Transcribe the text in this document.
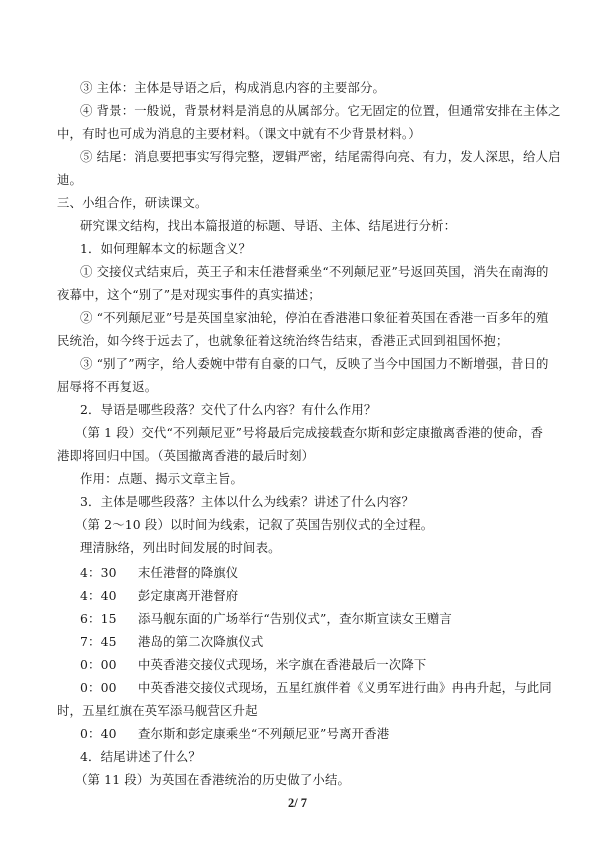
③ 主体：主体是导语之后，构成消息内容的主要部分。
④ 背景：一般说，背景材料是消息的从属部分。它无固定的位置，但通常安排在主体之
中，有时也可成为消息的主要材料。（课文中就有不少背景材料。）
⑤ 结尾：消息要把事实写得完整，逻辑严密，结尾需得向亮、有力，发人深思，给人启
迪。
三、小组合作，研读课文。
研究课文结构，找出本篇报道的标题、导语、主体、结尾进行分析：
1．如何理解本文的标题含义？
① 交接仪式结束后，英王子和末任港督乘坐“不列颠尼亚”号返回英国，消失在南海的
夜幕中，这个“别了”是对现实事件的真实描述；
② “不列颠尼亚”号是英国皇家油轮，停泊在香港港口象征着英国在香港一百多年的殖
民统治，如今终于远去了，也就象征着这统治终告结束，香港正式回到祖国怀抱；
③ “别了”两字，给人委婉中带有自豪的口气，反映了当今中国国力不断增强，昔日的
屈辱将不再复返。
2．导语是哪些段落？交代了什么内容？有什么作用？
（第 1 段）交代“不列颠尼亚”号将最后完成接载查尔斯和彭定康撤离香港的使命，香
港即将回归中国。（英国撤离香港的最后时刻）
作用：点题、揭示文章主旨。
3．主体是哪些段落？主体以什么为线索？讲述了什么内容？
（第 2～10 段）以时间为线索，记叙了英国告别仪式的全过程。
理清脉络，列出时间发展的时间表。
4：30 末任港督的降旗仪
4：40 彭定康离开港督府
6：15 添马舰东面的广场举行“告别仪式”，查尔斯宣读女王赠言
7：45 港岛的第二次降旗仪式
0：00 中英香港交接仪式现场，米字旗在香港最后一次降下
0：00 中英香港交接仪式现场，五星红旗伴着《义勇军进行曲》冉冉升起，与此同
时，五星红旗在英军添马舰营区升起
0：40 查尔斯和彭定康乘坐“不列颠尼亚”号离开香港
4．结尾讲述了什么？
（第 11 段）为英国在香港统治的历史做了小结。
2/ 7
